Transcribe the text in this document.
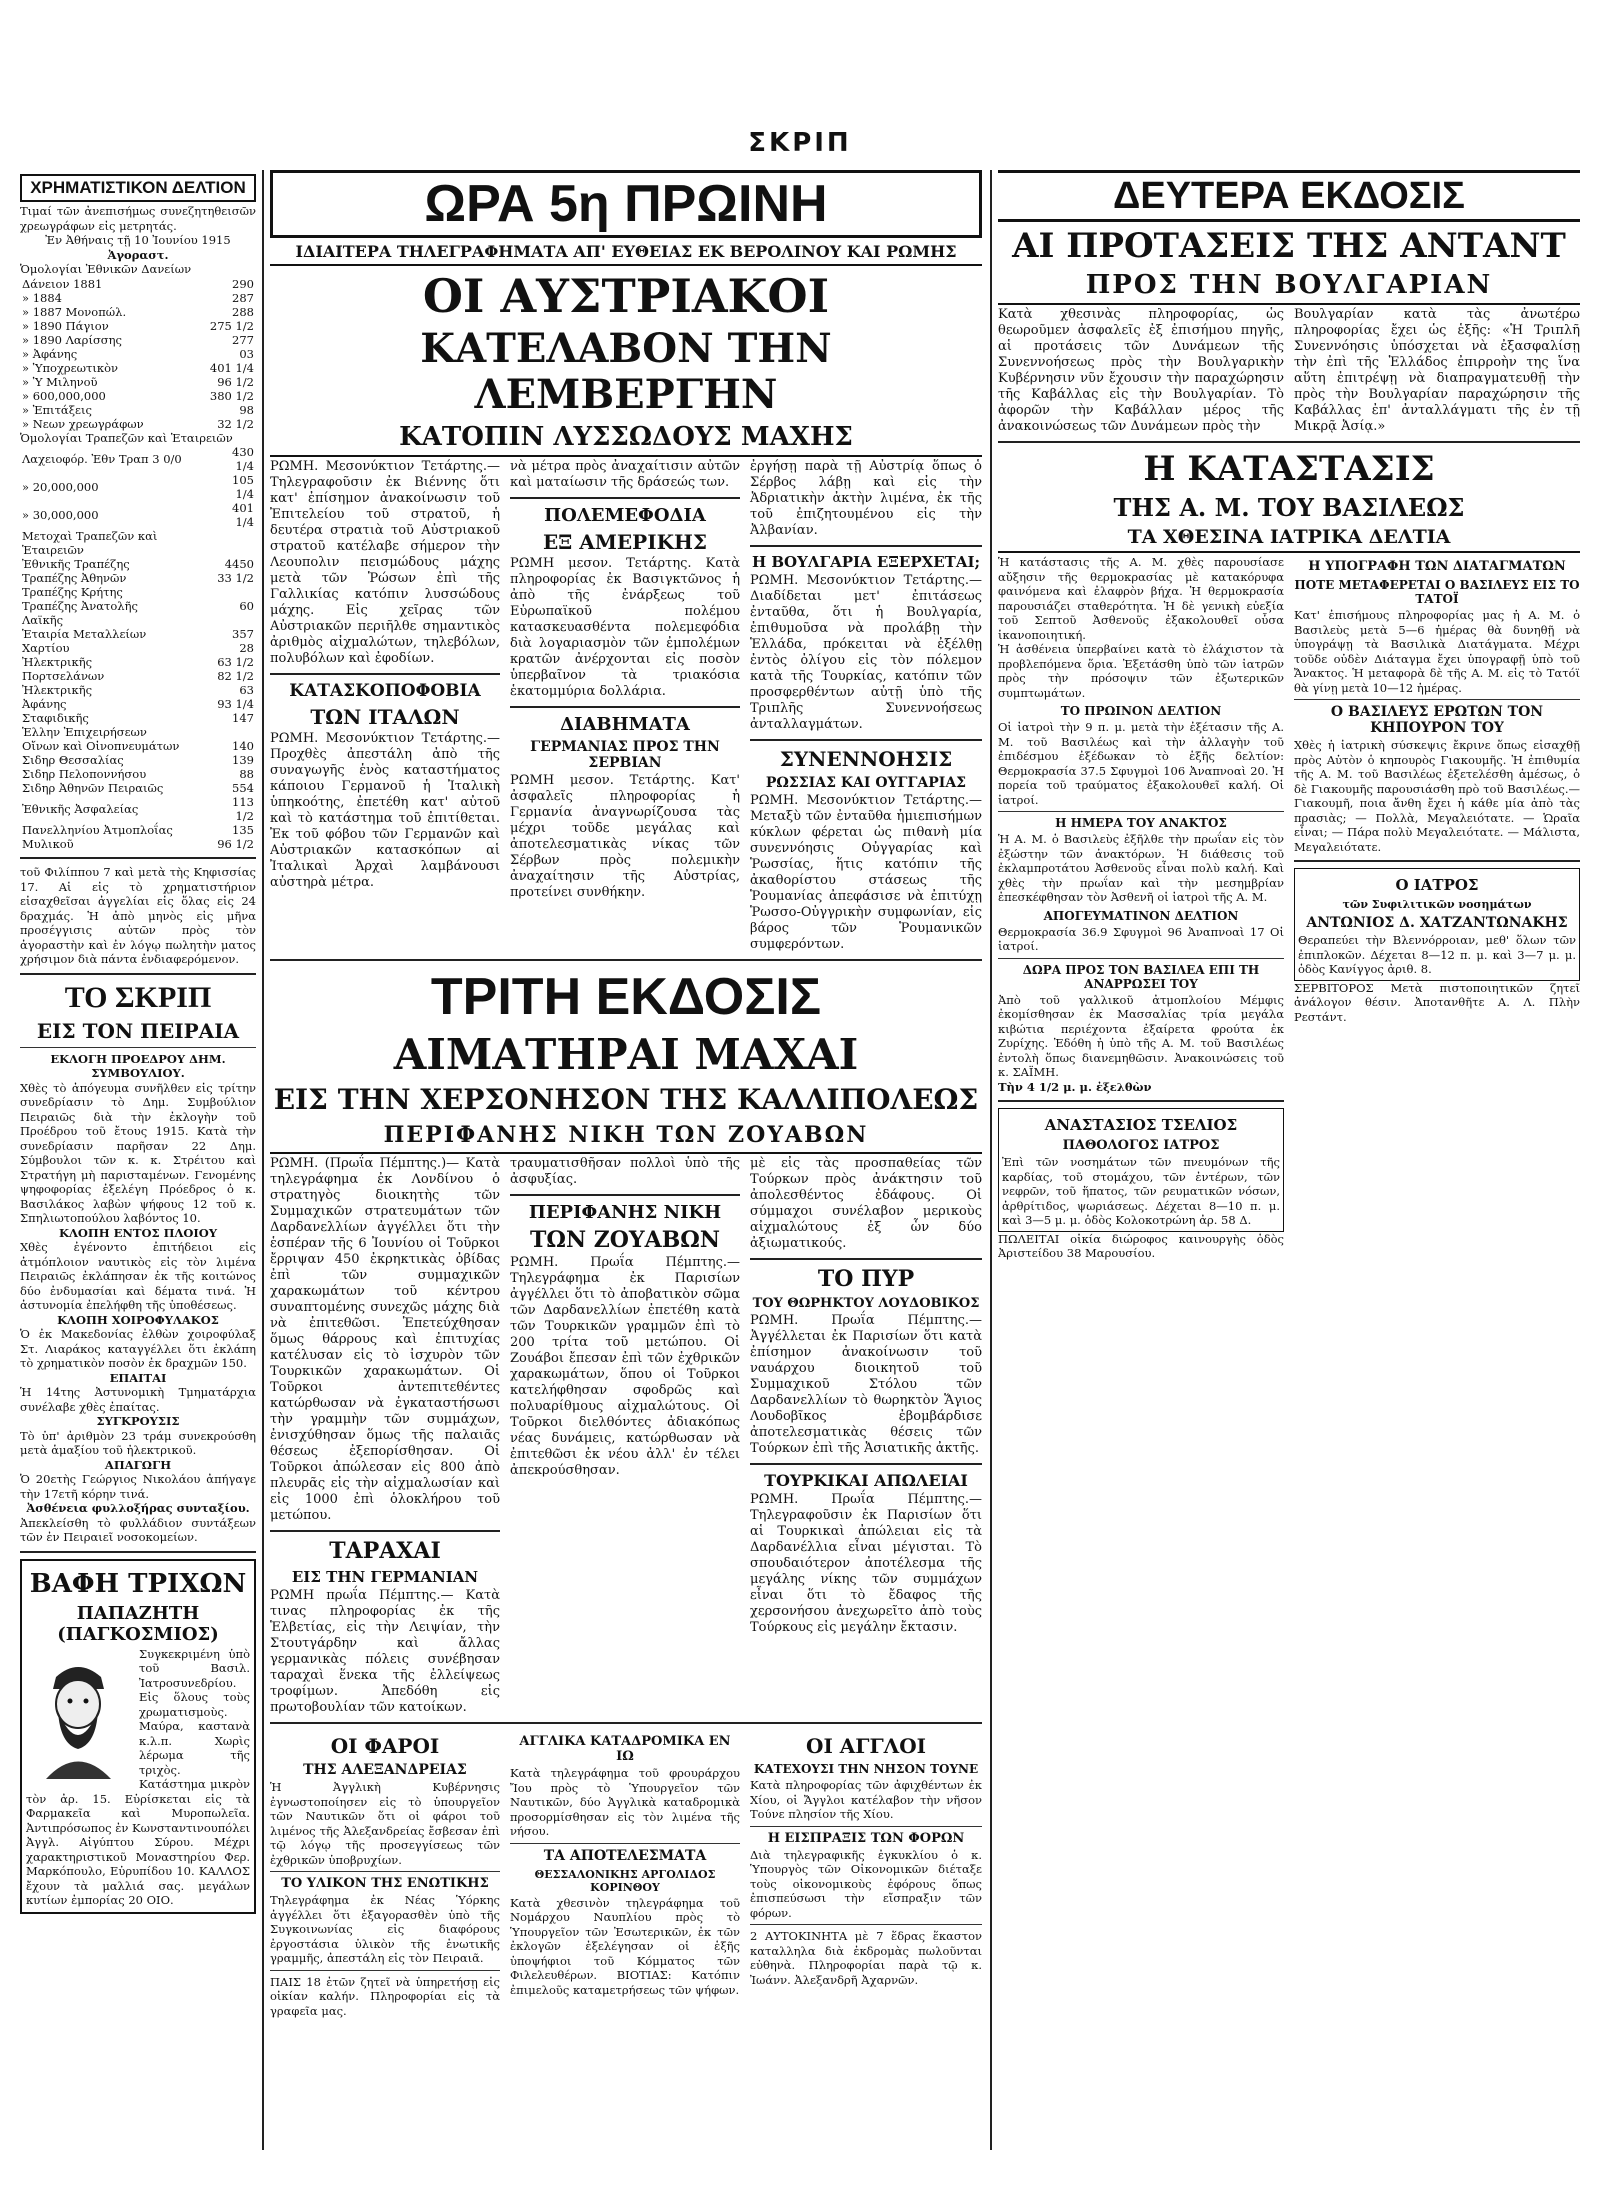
ΣΚΡΙΠ
ΧΡΗΜΑΤΙΣΤΙΚΟΝ ΔΕΛΤΙΟΝ

Τιμαί τῶν ἀνεπισήμως συνεζητηθεισῶν χρεωγράφων εἰς μετρητάς.

Ἐν Ἀθήναις τῇ 10 Ἰουνίου 1915

Ἀγοραστ.

Ὁμολογίαι Ἐθνικῶν Δανείων

Δάνειον 1881	290
» 1884	287
» 1887 Μονοπώλ.	288
» 1890 Πάγιον	275 1/2
» 1890 Λαρίσσης	277
» Ἀφάνης	03
» Ὑποχρεωτικὸν	401 1/4
» Ὑ Μιληνοῦ	96 1/2
» 600,000,000	380 1/2
» Ἐπιτάξεις	98
» Νεων χρεωγράφων	32 1/2

Ὁμολογίαι Τραπεζῶν καὶ Ἑταιρειῶν

Λαχειοφόρ. Ἐθν Τραπ 3 0/0	430 1/4
» 20,000,000	105 1/4
» 30,000,000	401 1/4
Μετοχαὶ Τραπεζῶν καὶ Ἑταιρειῶν	
Ἐθνικῆς Τραπέζης	4450
Τραπέζης Ἀθηνῶν	33 1/2
Τραπέζης Κρήτης	
Τραπέζης Ἀνατολῆς	60
Λαϊκῆς	
Ἑταιρία Μεταλλείων	357
Χαρτίου	28
Ἠλεκτρικῆς	63 1/2
Πορτσελάνων	82 1/2
Ἠλεκτρικῆς	63
Ἀφάνης	93 1/4
Σταφιδικῆς	147
Ἑλλην Ἐπιχειρήσεων	
Οἴνων καὶ Οἰνοπνευμάτων	140
Σιδηρ Θεσσαλίας	139
Σιδηρ Πελοποννήσου	88
Σιδηρ Ἀθηνῶν Πειραιῶς	554
Ἐθνικῆς Ἀσφαλείας	113 1/2
Πανελληνίου Ἀτμοπλοΐας	135
Μυλικοῦ	96 1/2

τοῦ Φιλίππου 7 καὶ μετὰ τὴς Κηφισσίας 17. Αἱ εἰς τὸ χρηματιστήριον εἰσαχθεῖσαι ἀγγελίαι εἰς ὅλας εἰς 24 δραχμάς. Ἡ ἀπὸ μηνὸς εἰς μῆνα προσέγγισις αὐτῶν πρὸς τὸν ἀγοραστὴν καὶ ἐν λόγῳ πωλητὴν ματος χρήσιμον διὰ πάντα ἐνδιαφερόμενον.

ΤΟ ΣΚΡΙΠ
ΕΙΣ ΤΟΝ ΠΕΙΡΑΙΑ

ΕΚΛΟΓΗ ΠΡΟΕΔΡΟΥ ΔΗΜ. ΣΥΜΒΟΥΛΙΟΥ.

Χθὲς τὸ ἀπόγευμα συνῆλθεν εἰς τρίτην συνεδρίασιν τὸ Δημ. Συμβούλιον Πειραιῶς διὰ τὴν ἐκλογὴν τοῦ Προέδρου τοῦ ἔτους 1915. Κατὰ τὴν συνεδρίασιν παρῆσαν 22 Δημ. Σύμβουλοι τῶν κ. κ. Στρέιτου καὶ Στρατήγη μὴ παρισταμένων. Γενομένης ψηφοφορίας ἐξελέγη Πρόεδρος ὁ κ. Βασιλάκος λαβὼν ψήφους 12 τοῦ κ. Σπηλιωτοπούλου λαβόντος 10.

ΚΛΟΠΗ ΕΝΤΟΣ ΠΛΟΙΟΥ

Χθὲς ἐγένοντο ἐπιτήδειοι εἰς ἀτμόπλοιον ναυτικὸς εἰς τὸν λιμένα Πειραιῶς ἐκλάπησαν ἐκ τῆς κοιτώνος δύο ἐνδυμασίαι καὶ δέματα τινά. Ἡ ἀστυνομία ἐπελήφθη τῆς ὑποθέσεως.

ΚΛΟΠΗ ΧΟΙΡΟΦΥΛΑΚΟΣ

Ὁ ἐκ Μακεδονίας ἐλθὼν χοιροφύλαξ Στ. Λιαράκος καταγγέλλει ὅτι ἐκλάπη τὸ χρηματικὸν ποσὸν ἐκ δραχμῶν 150.

ΕΠΑΙΤΑΙ

Ἡ 14της Ἀστυνομικὴ Τμηματάρχια συνέλαβε χθὲς ἐπαίτας.

ΣΥΓΚΡΟΥΣΙΣ

Τὸ ὑπ' ἀριθμὸν 23 τράμ συνεκρούσθη μετὰ ἁμαξίου τοῦ ἠλεκτρικοῦ.

ΑΠΑΓΩΓΗ

Ὁ 20ετὴς Γεώργιος Νικολάου ἀπήγαγε τὴν 17ετῆ κόρην τινά.

Ἀσθένεια φυλλοξήρας συνταξίου.

Ἀπεκλείσθη τὸ φυλλάδιον συντάξεων τῶν ἐν Πειραιεῖ νοσοκομείων.

ΒΑΦΗ ΤΡΙΧΩΝ
ΠΑΠΑΖΗΤΗ (ΠΑΓΚΟΣΜΙΟΣ)

Συγκεκριμένη ὑπὸ τοῦ Βασιλ. Ἰατροσυνεδρίου. Εἰς ὅλους τοὺς χρωματισμοὺς. Μαύρα, καστανὰ κ.λ.π. Χωρὶς λέρωμα τῆς τριχὸς. Κατάστημα μικρὸν τὸν ἀρ. 15. Εὑρίσκεται εἰς τὰ Φαρμακεῖα καὶ Μυροπωλεῖα. Ἀντιπρόσωπος ἐν Κωνσταντινουπόλει Ἀγγλ. Αἰγύπτου Σύρου. Μέχρι χαρακτηριστικοῦ Μοναστηρίου Φερ. Μαρκόπουλο, Εὐρυπίδου 10. ΚΑΛΛΟΣ ἔχουν τὰ μαλλιά σας. μεγάλων κυτίων ἐμπορίας 20 ΟΙΟ.

ΩΡΑ 5η ΠΡΩΙΝΗ
ΙΔΙΑΙΤΕΡΑ ΤΗΛΕΓΡΑΦΗΜΑΤΑ ΑΠ' ΕΥΘΕΙΑΣ ΕΚ ΒΕΡΟΛΙΝΟΥ ΚΑΙ ΡΩΜΗΣ
ΟΙ ΑΥΣΤΡΙΑΚΟΙ
ΚΑΤΕΛΑΒΟΝ ΤΗΝ ΛΕΜΒΕΡΓΗΝ
ΚΑΤΟΠΙΝ ΛΥΣΣΩΔΟΥΣ ΜΑΧΗΣ

ΡΩΜΗ. Μεσονύκτιον Τετάρτης.— Τηλεγραφοῦσιν ἐκ Βιέννης ὅτι κατ' ἐπίσημον ἀνακοίνωσιν τοῦ Ἐπιτελείου τοῦ στρατοῦ, ἡ δευτέρα στρατιὰ τοῦ Αὐστριακοῦ στρατοῦ κατέλαβε σήμερον τὴν Λεουπολιν πεισμώδους μάχης μετὰ τῶν Ῥώσων ἐπὶ τῆς Γαλλικίας κατόπιν λυσσώδους μάχης. Εἰς χεῖρας τῶν Αὐστριακῶν περιῆλθε σημαντικὸς ἀριθμὸς αἰχμαλώτων, τηλεβόλων, πολυβόλων καὶ ἐφοδίων.

ΚΑΤΑΣΚΟΠΟΦΟΒΙΑ
ΤΩΝ ΙΤΑΛΩΝ

ΡΩΜΗ. Μεσονύκτιον Τετάρτης.— Προχθὲς ἀπεστάλη ἀπὸ τῆς συναγωγῆς ἑνὸς καταστήματος κάποιου Γερμανοῦ ἡ Ἰταλικὴ ὑπηκοότης, ἐπετέθη κατ' αὐτοῦ καὶ τὸ κατάστημα τοῦ ἐπιτίθεται. Ἐκ τοῦ φόβου τῶν Γερμανῶν καὶ Αὐστριακῶν κατασκόπων αἱ Ἰταλικαὶ Ἀρχαὶ λαμβάνουσι αὐστηρὰ μέτρα.

νὰ μέτρα πρὸς ἀναχαίτισιν αὐτῶν καὶ ματαίωσιν τῆς δράσεώς των.

ΠΟΛΕΜΕΦΟΔΙΑ
ΕΞ ΑΜΕΡΙΚΗΣ

ΡΩΜΗ μεσον. Τετάρτης. Κατὰ πληροφορίας ἐκ Βασιγκτῶνος ἡ ἀπὸ τῆς ἐνάρξεως τοῦ Εὐρωπαϊκοῦ πολέμου κατασκευασθέντα πολεμεφόδια διὰ λογαριασμὸν τῶν ἐμπολέμων κρατῶν ἀνέρχονται εἰς ποσὸν ὑπερβαῖνον τὰ τριακόσια ἑκατομμύρια δολλάρια.

ΔΙΑΒΗΜΑΤΑ
ΓΕΡΜΑΝΙΑΣ ΠΡΟΣ ΤΗΝ ΣΕΡΒΙΑΝ

ΡΩΜΗ μεσον. Τετάρτης. Κατ' ἀσφαλεῖς πληροφορίας ἡ Γερμανία ἀναγνωρίζουσα τὰς μέχρι τοῦδε μεγάλας καὶ ἀποτελεσματικὰς νίκας τῶν Σέρβων πρὸς πολεμικὴν ἀναχαίτησιν τῆς Αὐστρίας, προτείνει συνθήκην.

ἐργήσῃ παρὰ τῇ Αὐστρίᾳ ὅπως ὁ Σέρβος λάβῃ καὶ εἰς τὴν Ἀδριατικὴν ἀκτὴν λιμένα, ἐκ τῆς τοῦ ἐπιζητουμένου εἰς τὴν Ἀλβανίαν.

Η ΒΟΥΛΓΑΡΙΑ ΕΞΕΡΧΕΤΑΙ;

ΡΩΜΗ. Μεσονύκτιον Τετάρτης.— Διαδίδεται μετ' ἐπιτάσεως ἐνταῦθα, ὅτι ἡ Βουλγαρία, ἐπιθυμοῦσα νὰ προλάβῃ τὴν Ἑλλάδα, πρόκειται νὰ ἐξέλθῃ ἐντὸς ὀλίγου εἰς τὸν πόλεμον κατὰ τῆς Τουρκίας, κατόπιν τῶν προσφερθέντων αὐτῇ ὑπὸ τῆς Τριπλῆς Συνεννοήσεως ἀνταλλαγμάτων.

ΣΥΝΕΝΝΟΗΣΙΣ
ΡΩΣΣΙΑΣ ΚΑΙ ΟΥΓΓΑΡΙΑΣ

ΡΩΜΗ. Μεσονύκτιον Τετάρτης.— Μεταξὺ τῶν ἐνταῦθα ἡμιεπισήμων κύκλων φέρεται ὡς πιθανὴ μία συνεννόησις Οὐγγαρίας καὶ Ῥωσσίας, ἥτις κατόπιν τῆς ἀκαθορίστου στάσεως τῆς Ῥουμανίας ἀπεφάσισε νὰ ἐπιτύχῃ Ῥωσσο-Οὐγγρικὴν συμφωνίαν, εἰς βάρος τῶν Ῥουμανικῶν συμφερόντων.

ΤΡΙΤΗ ΕΚΔΟΣΙΣ
ΑΙΜΑΤΗΡΑΙ ΜΑΧΑΙ
ΕΙΣ ΤΗΝ ΧΕΡΣΟΝΗΣΟΝ ΤΗΣ ΚΑΛΛΙΠΟΛΕΩΣ
ΠΕΡΙΦΑΝΗΣ ΝΙΚΗ ΤΩΝ ΖΟΥΑΒΩΝ

ΡΩΜΗ. (Πρωΐα Πέμπτης.)— Κατὰ τηλεγράφημα ἐκ Λονδίνου ὁ στρατηγὸς διοικητὴς τῶν Συμμαχικῶν στρατευμάτων τῶν Δαρδανελλίων ἀγγέλλει ὅτι τὴν ἑσπέραν τῆς 6 Ἰουνίου οἱ Τοῦρκοι ἔρριψαν 450 ἐκρηκτικὰς ὀβίδας ἐπὶ τῶν συμμαχικῶν χαρακωμάτων τοῦ κέντρου συναπτομένης συνεχῶς μάχης διὰ νὰ ἐπιτεθῶσι. Ἐπετεύχθησαν ὅμως θάρρους καὶ ἐπιτυχίας κατέλυσαν εἰς τὸ ἰσχυρὸν τῶν Τουρκικῶν χαρακωμάτων. Οἱ Τοῦρκοι ἀντεπιτεθέντες κατώρθωσαν νὰ ἐγκαταστήσωσι τὴν γραμμὴν τῶν συμμάχων, ἐνισχύθησαν ὅμως τῆς παλαιᾶς θέσεως ἐξεπορίσθησαν. Οἱ Τοῦρκοι ἀπώλεσαν εἰς 800 ἀπὸ πλευρᾶς εἰς τὴν αἰχμαλωσίαν καὶ εἰς 1000 ἐπὶ ὁλοκλήρου τοῦ μετώπου.

ΤΑΡΑΧΑΙ
ΕΙΣ ΤΗΝ ΓΕΡΜΑΝΙΑΝ

ΡΩΜΗ πρωΐα Πέμπτης.— Κατὰ τινας πληροφορίας ἐκ τῆς Ἑλβετίας, εἰς τὴν Λειψίαν, τὴν Στουτγάρδην καὶ ἄλλας γερμανικὰς πόλεις συνέβησαν ταραχαὶ ἕνεκα τῆς ἐλλείψεως τροφίμων. Ἀπεδόθη εἰς πρωτοβουλίαν τῶν κατοίκων.

τραυματισθῆσαν πολλοὶ ὑπὸ τῆς ἀσφυξίας.

ΠΕΡΙΦΑΝΗΣ ΝΙΚΗ
ΤΩΝ ΖΟΥΑΒΩΝ

ΡΩΜΗ. Πρωΐα Πέμπτης.— Τηλεγράφημα ἐκ Παρισίων ἀγγέλλει ὅτι τὸ ἀποβατικὸν σῶμα τῶν Δαρδανελλίων ἐπετέθη κατὰ τῶν Τουρκικῶν γραμμῶν ἐπὶ τὸ 200 τρίτα τοῦ μετώπου. Οἱ Ζουάβοι ἔπεσαν ἐπὶ τῶν ἐχθρικῶν χαρακωμάτων, ὅπου οἱ Τοῦρκοι κατελήφθησαν σφοδρῶς καὶ πολυαρίθμους αἰχμαλώτους. Οἱ Τοῦρκοι διελθόντες ἀδιακόπως νέας δυνάμεις, κατώρθωσαν νὰ ἐπιτεθῶσι ἐκ νέου ἀλλ' ἐν τέλει ἀπεκρούσθησαν.

μὲ εἰς τὰς προσπαθείας τῶν Τούρκων πρὸς ἀνάκτησιν τοῦ ἀπολεσθέντος ἐδάφους. Οἱ σύμμαχοι συνέλαβον μερικοὺς αἰχμαλώτους ἐξ ὧν δύο ἀξιωματικούς.

ΤΟ ΠΥΡ
ΤΟΥ ΘΩΡΗΚΤΟΥ ΛΟΥΔΟΒΙΚΟΣ

ΡΩΜΗ. Πρωΐα Πέμπτης.— Ἀγγέλλεται ἐκ Παρισίων ὅτι κατὰ ἐπίσημον ἀνακοίνωσιν τοῦ ναυάρχου διοικητοῦ τοῦ Συμμαχικοῦ Στόλου τῶν Δαρδανελλίων τὸ θωρηκτὸν Ἅγιος Λουδοβῖκος ἐβομβάρδισε ἀποτελεσματικὰς θέσεις τῶν Τούρκων ἐπὶ τῆς Ἀσιατικῆς ἀκτῆς.

ΤΟΥΡΚΙΚΑΙ ΑΠΩΛΕΙΑΙ

ΡΩΜΗ. Πρωΐα Πέμπτης.— Τηλεγραφοῦσιν ἐκ Παρισίων ὅτι αἱ Τουρκικαὶ ἀπώλειαι εἰς τὰ Δαρδανέλλια εἶναι μέγισται. Τὸ σπουδαιότερον ἀποτέλεσμα τῆς μεγάλης νίκης τῶν συμμάχων εἶναι ὅτι τὸ ἔδαφος τῆς χερσονήσου ἀνεχωρεῖτο ἀπὸ τοὺς Τούρκους εἰς μεγάλην ἔκτασιν.

ΟΙ ΦΑΡΟΙ
ΤΗΣ ΑΛΕΞΑΝΔΡΕΙΑΣ

Ἡ Ἀγγλικὴ Κυβέρνησις ἐγνωστοποίησεν εἰς τὸ ὑπουργεῖον τῶν Ναυτικῶν ὅτι οἱ φάροι τοῦ λιμένος τῆς Ἀλεξανδρείας ἔσβεσαν ἐπὶ τῷ λόγῳ τῆς προσεγγίσεως τῶν ἐχθρικῶν ὑποβρυχίων.

ΤΟ ΥΛΙΚΟΝ ΤΗΣ ΕΝΩΤΙΚΗΣ

Τηλεγράφημα ἐκ Νέας Ὑόρκης ἀγγέλλει ὅτι ἐξαγορασθὲν ὑπὸ τῆς Συγκοινωνίας εἰς διαφόρους ἐργοστάσια ὑλικὸν τῆς ἑνωτικῆς γραμμῆς, ἀπεστάλη εἰς τὸν Πειραιᾶ.

ΠΑΙΣ 18 ἐτῶν ζητεῖ νὰ ὑπηρετήσῃ εἰς οἰκίαν καλήν. Πληροφορίαι εἰς τὰ γραφεῖα μας.

ΑΓΓΛΙΚΑ ΚΑΤΑΔΡΟΜΙΚΑ ΕΝ ΙΩ

Κατὰ τηλεγράφημα τοῦ φρουράρχου Ἴου πρὸς τὸ Ὑπουργεῖον τῶν Ναυτικῶν, δύο Ἀγγλικὰ καταδρομικὰ προσορμίσθησαν εἰς τὸν λιμένα τῆς νήσου.

ΤΑ ΑΠΟΤΕΛΕΣΜΑΤΑ
ΘΕΣΣΑΛΟΝΙΚΗΣ ΑΡΓΟΛΙΔΟΣ ΚΟΡΙΝΘΟΥ

Κατὰ χθεσινὸν τηλεγράφημα τοῦ Νομάρχου Ναυπλίου πρὸς τὸ Ὑπουργεῖον τῶν Ἐσωτερικῶν, ἐκ τῶν ἐκλογῶν ἐξελέγησαν οἱ ἑξῆς ὑποψήφιοι τοῦ Κόμματος τῶν Φιλελευθέρων. ΒΙΟΤΙΑΣ: Κατόπιν ἐπιμελοῦς καταμετρήσεως τῶν ψήφων.

ΟΙ ΑΓΓΛΟΙ
ΚΑΤΕΧΟΥΣΙ ΤΗΝ ΝΗΣΟΝ ΤΟΥΝΕ

Κατὰ πληροφορίας τῶν ἀφιχθέντων ἐκ Χίου, οἱ Ἄγγλοι κατέλαβον τὴν νῆσον Τούνε πλησίον τῆς Χίου.

Η ΕΙΣΠΡΑΞΙΣ ΤΩΝ ΦΟΡΩΝ

Διὰ τηλεγραφικῆς ἐγκυκλίου ὁ κ. Ὑπουργὸς τῶν Οἰκονομικῶν διέταξε τοὺς οἰκονομικοὺς ἐφόρους ὅπως ἐπισπεύσωσι τὴν εἴσπραξιν τῶν φόρων.

2 ΑΥΤΟΚΙΝΗΤΑ μὲ 7 ἕδρας ἕκαστον καταλληλα διὰ ἐκδρομὰς πωλοῦνται εὐθηνὰ. Πληροφορίαι παρὰ τῷ κ. Ἰωάνν. Ἀλεξανδρῆ Ἀχαρνῶν.

ΔΕΥΤΕΡΑ ΕΚΔΟΣΙΣ
ΑΙ ΠΡΟΤΑΣΕΙΣ ΤΗΣ ΑΝΤΑΝΤ
ΠΡΟΣ ΤΗΝ ΒΟΥΛΓΑΡΙΑΝ

Κατὰ χθεσινὰς πληροφορίας, ὡς θεωροῦμεν ἀσφαλεῖς ἐξ ἐπισήμου πηγῆς, αἱ προτάσεις τῶν Δυνάμεων τῆς Συνεννοήσεως πρὸς τὴν Βουλγαρικὴν Κυβέρνησιν νῦν ἔχουσιν τὴν παραχώρησιν τῆς Καβάλλας εἰς τὴν Βουλγαρίαν. Τὸ ἀφορῶν τὴν Καβάλλαν μέρος τῆς ἀνακοινώσεως τῶν Δυνάμεων πρὸς τὴν

Βουλγαρίαν κατὰ τὰς ἀνωτέρω πληροφορίας ἔχει ὡς ἑξῆς: «Ἡ Τριπλῆ Συνεννόησις ὑπόσχεται νὰ ἐξασφαλίσῃ τὴν ἐπὶ τῆς Ἑλλάδος ἐπιρροὴν της ἵνα αὕτη ἐπιτρέψῃ νὰ διαπραγματευθῇ τὴν πρὸς τὴν Βουλγαρίαν παραχώρησιν τῆς Καβάλλας ἐπ' ἀνταλλάγματι τῆς ἐν τῇ Μικρᾷ Ἀσίᾳ.»

Η ΚΑΤΑΣΤΑΣΙΣ
ΤΗΣ Α. Μ. ΤΟΥ ΒΑΣΙΛΕΩΣ
ΤΑ ΧΘΕΣΙΝΑ ΙΑΤΡΙΚΑ ΔΕΛΤΙΑ

Ἡ κατάστασις τῆς Α. Μ. χθὲς παρουσίασε αὔξησιν τῆς θερμοκρασίας μὲ κατακόρυφα φαινόμενα καὶ ἐλαφρὸν βήχα. Ἡ θερμοκρασία παρουσιάζει σταθερότητα. Ἡ δὲ γενικὴ εὐεξία τοῦ Σεπτοῦ Ἀσθενοῦς ἐξακολουθεῖ οὖσα ἱκανοποιητική.

Ἡ ἀσθένεια ὑπερβαίνει κατὰ τὸ ἐλάχιστον τὰ προβλεπόμενα ὅρια. Ἐξετάσθη ὑπὸ τῶν ἰατρῶν πρὸς τὴν πρόσοψιν τῶν ἐξωτερικῶν συμπτωμάτων.

ΤΟ ΠΡΩΙΝΟΝ ΔΕΛΤΙΟΝ

Οἱ ἰατροὶ τὴν 9 π. μ. μετὰ τὴν ἐξέτασιν τῆς Α. Μ. τοῦ Βασιλέως καὶ τὴν ἀλλαγὴν τοῦ ἐπιδέσμου ἐξέδωκαν τὸ ἑξῆς δελτίον: Θερμοκρασία 37.5 Σφυγμοὶ 106 Ἀναπνοαὶ 20. Ἡ πορεία τοῦ τραύματος ἐξακολουθεῖ καλή. Οἱ ἰατροί.

Η ΗΜΕΡΑ ΤΟΥ ΑΝΑΚΤΟΣ

Ἡ Α. Μ. ὁ Βασιλεὺς ἐξῆλθε τὴν πρωΐαν εἰς τὸν ἐξώστην τῶν ἀνακτόρων. Ἡ διάθεσις τοῦ ἐκλαμπροτάτου Ἀσθενοῦς εἶναι πολὺ καλή. Καὶ χθὲς τὴν πρωΐαν καὶ τὴν μεσημβρίαν ἐπεσκέφθησαν τὸν Ἀσθενῆ οἱ ἰατροὶ τῆς Α. Μ.

ΑΠΟΓΕΥΜΑΤΙΝΟΝ ΔΕΛΤΙΟΝ

Θερμοκρασία 36.9 Σφυγμοὶ 96 Ἀναπνοαὶ 17 Οἱ ἰατροί.

ΔΩΡΑ ΠΡΟΣ ΤΟΝ ΒΑΣΙΛΕΑ ΕΠΙ ΤΗ ΑΝΑΡΡΩΣΕΙ ΤΟΥ

Ἀπὸ τοῦ γαλλικοῦ ἀτμοπλοίου Μέμφις ἐκομίσθησαν ἐκ Μασσαλίας τρία μεγάλα κιβώτια περιέχοντα ἐξαίρετα φρούτα ἐκ Ζυρίχης. Ἐδόθη ἡ ὑπὸ τῆς Α. Μ. τοῦ Βασιλέως ἐντολὴ ὅπως διανεμηθῶσιν. Ἀνακοινώσεις τοῦ κ. ΣΑΪΜΗ.

Τὴν 4 1/2 μ. μ. ἐξελθὼν

ΑΝΑΣΤΑΣΙΟΣ ΤΣΕΛΙΟΣ
ΠΑΘΟΛΟΓΟΣ ΙΑΤΡΟΣ

Ἐπὶ τῶν νοσημάτων τῶν πνευμόνων τῆς καρδίας, τοῦ στομάχου, τῶν ἐντέρων, τῶν νεφρῶν, τοῦ ἥπατος, τῶν ρευματικῶν νόσων, ἀρθρίτιδος, ψωριάσεως. Δέχεται 8—10 π. μ. καὶ 3—5 μ. μ. ὁδὸς Κολοκοτρώνη ἀρ. 58 Δ.

ΠΩΛΕΙΤΑΙ οἰκία διώροφος καινουργὴς ὁδὸς Ἀριστείδου 38 Μαρουσίου.

Η ΥΠΟΓΡΑΦΗ ΤΩΝ ΔΙΑΤΑΓΜΑΤΩΝ
ΠΟΤΕ ΜΕΤΑΦΕΡΕΤΑΙ Ο ΒΑΣΙΛΕΥΣ ΕΙΣ ΤΟ ΤΑΤΟΪ

Κατ' ἐπισήμους πληροφορίας μας ἡ Α. Μ. ὁ Βασιλεὺς μετὰ 5—6 ἡμέρας θὰ δυνηθῇ νὰ ὑπογράψῃ τὰ Βασιλικὰ Διατάγματα. Μέχρι τοῦδε οὐδὲν Διάταγμα ἔχει ὑπογραφῇ ὑπὸ τοῦ Ἄνακτος. Ἡ μεταφορὰ δὲ τῆς Α. Μ. εἰς τὸ Τατόϊ θὰ γίνῃ μετὰ 10—12 ἡμέρας.

Ο ΒΑΣΙΛΕΥΣ ΕΡΩΤΩΝ ΤΟΝ ΚΗΠΟΥΡΟΝ ΤΟΥ

Χθὲς ἡ ἰατρικὴ σύσκεψις ἔκρινε ὅπως εἰσαχθῇ πρὸς Αὐτὸν ὁ κηπουρὸς Γιακουμῆς. Ἡ ἐπιθυμία τῆς Α. Μ. τοῦ Βασιλέως ἐξετελέσθη ἀμέσως, ὁ δὲ Γιακουμῆς παρουσιάσθη πρὸ τοῦ Βασιλέως.— Γιακουμῆ, ποια ἄνθη ἔχει ἡ κάθε μία ἀπὸ τὰς πρασιὰς; — Πολλὰ, Μεγαλειότατε. — Ὡραῖα εἶναι; — Πάρα πολὺ Μεγαλειότατε. — Μάλιστα, Μεγαλειότατε.

Ο ΙΑΤΡΟΣ
τῶν Συφιλιτικῶν νοσημάτων
ΑΝΤΩΝΙΟΣ Δ. ΧΑΤΖΑΝΤΩΝΑΚΗΣ

Θεραπεύει τὴν Βλεννόρροιαν, μεθ' ὅλων τῶν ἐπιπλοκῶν. Δέχεται 8—12 π. μ. καὶ 3—7 μ. μ. ὁδὸς Κανίγγος ἀριθ. 8.

ΣΕΡΒΙΤΟΡΟΣ Μετὰ πιστοποιητικῶν ζητεῖ ἀνάλογον θέσιν. Ἀποτανθῆτε Α. Λ. Πλὴν Ρεστάντ.
